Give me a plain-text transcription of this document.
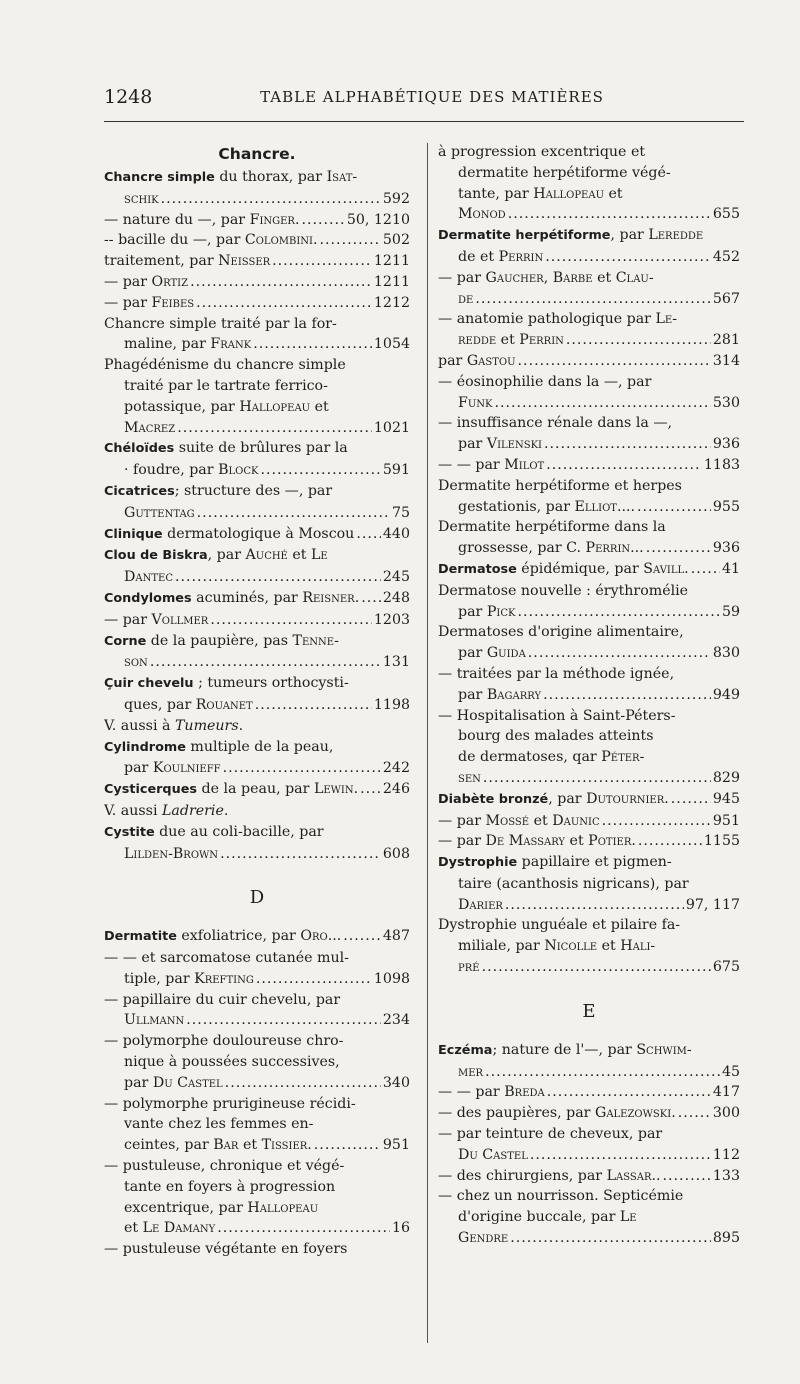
1248	TABLE ALPHABÉTIQUE DES MATIÈRES
Chancre.
Chancre simple du thorax, par Isat-
schik .....	592
— nature du —, par Finger. .....	50, 1210
-- bacille du —, par Colombini. .....	502
traitement, par Neisser .....	1211
— par Ortiz .....	1211
— par Feibes .....	1212
Chancre simple traité par la for-
maline, par Frank .....	1054
Phagédénisme du chancre simple
traité par le tartrate ferrico-
potassique, par Hallopeau et
Macrez .....	1021
Chéloïdes suite de brûlures par la
· foudre, par Block .....	591
Cicatrices; structure des —, par
Guttentag .....	75
Clinique dermatologique à Moscou ..... 440
Clou de Biskra, par Auché et Le
Dantec .....	245
Condylomes acuminés, par Reisner. ..... 248
— par Vollmer .....	1203
Corne de la paupière, pas Tenne-
son .....	131
Çuir chevelu ; tumeurs orthocysti-
ques, par Rouanet .....	1198
V. aussi à Tumeurs.
Cylindrome multiple de la peau,
par Koulnieff .....	242
Cysticerques de la peau, par Lewin. ..... 246
V. aussi Ladrerie.
Cystite due au coli-bacille, par
Lilden-Brown .....	608
D
Dermatite exfoliatrice, par Oro... .....	487
— — et sarcomatose cutanée mul-
tiple, par Krefting .....	1098
— papillaire du cuir chevelu, par
Ullmann .....	234
— polymorphe douloureuse chro-
nique à poussées successives,
par Du Castel .....	340
— polymorphe prurigineuse récidi-
vante chez les femmes en-
ceintes, par Bar et Tissier. .....	951
— pustuleuse, chronique et végé-
tante en foyers à progression
excentrique, par Hallopeau
et Le Damany .....	16
— pustuleuse végétante en foyers
à progression excentrique et
dermatite herpétiforme végé-
tante, par Hallopeau et
Monod .....	655
Dermatite herpétiforme, par Leredde
de et Perrin .....	452
— par Gaucher, Barbe et Clau-
de .....	567
— anatomie pathologique par Le-
redde et Perrin .....	281
par Gastou .....	314
— éosinophilie dans la —, par
Funk .....	530
— insuffisance rénale dans la —,
par Vilenski .....	936
— — par Milot .....	1183
Dermatite herpétiforme et herpes
gestationis, par Elliot.... .....	955
Dermatite herpétiforme dans la
grossesse, par C. Perrin... .....	936
Dermatose épidémique, par Savill. ..... 41
Dermatose nouvelle : érythromélie
par Pick .....	59
Dermatoses d'origine alimentaire,
par Guida .....	830
— traitées par la méthode ignée,
par Bagarry .....	949
— Hospitalisation à Saint-Péters-
bourg des malades atteints
de dermatoses, qar Péter-
sen .....	829
Diabète bronzé, par Dutournier. .....	945
— par Mossé et Daunic .....	951
— par De Massary et Potier. .....	1155
Dystrophie papillaire et pigmen-
taire (acanthosis nigricans), par
Darier .....	97, 117
Dystrophie unguéale et pilaire fa-
miliale, par Nicolle et Hali-
pré .....	675
E
Eczéma; nature de l'—, par Schwim-
mer .....	45
— — par Breda .....	417
— des paupières, par Galezowski. .....	300
— par teinture de cheveux, par
Du Castel .....	112
— des chirurgiens, par Lassar.. .....	133
— chez un nourrisson. Septicémie
d'origine buccale, par Le
Gendre .....	895
